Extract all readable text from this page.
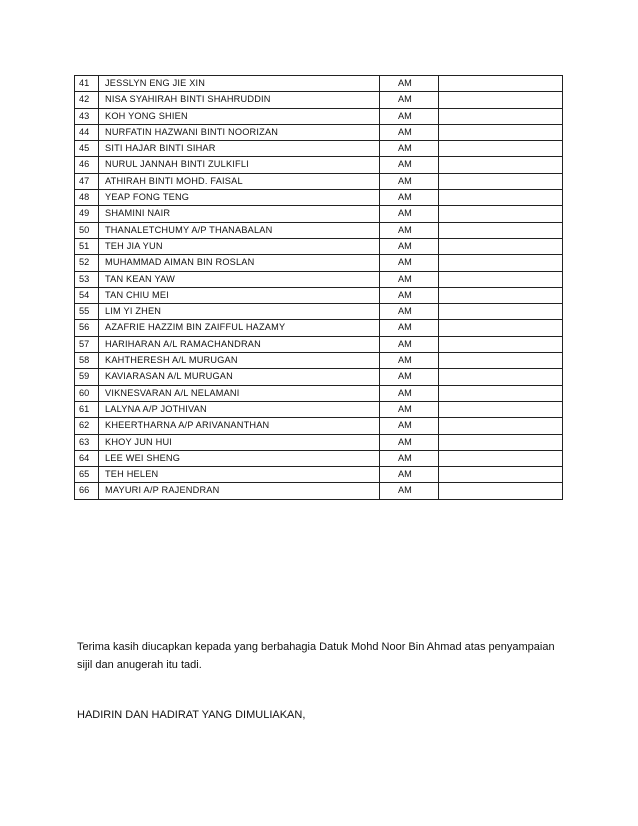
41	JESSLYN ENG JIE XIN	AM	
42	NISA SYAHIRAH BINTI SHAHRUDDIN	AM	
43	KOH YONG SHIEN	AM	
44	NURFATIN HAZWANI BINTI NOORIZAN	AM	
45	SITI HAJAR BINTI SIHAR	AM	
46	NURUL JANNAH BINTI ZULKIFLI	AM	
47	ATHIRAH BINTI MOHD. FAISAL	AM	
48	YEAP FONG TENG	AM	
49	SHAMINI NAIR	AM	
50	THANALETCHUMY A/P THANABALAN	AM	
51	TEH JIA YUN	AM	
52	MUHAMMAD AIMAN BIN ROSLAN	AM	
53	TAN KEAN YAW	AM	
54	TAN CHIU MEI	AM	
55	LIM YI ZHEN	AM	
56	AZAFRIE HAZZIM BIN ZAIFFUL HAZAMY	AM	
57	HARIHARAN A/L RAMACHANDRAN	AM	
58	KAHTHERESH A/L MURUGAN	AM	
59	KAVIARASAN A/L MURUGAN	AM	
60	VIKNESVARAN A/L NELAMANI	AM	
61	LALYNA A/P JOTHIVAN	AM	
62	KHEERTHARNA A/P ARIVANANTHAN	AM	
63	KHOY JUN HUI	AM	
64	LEE WEI SHENG	AM	
65	TEH HELEN	AM	
66	MAYURI A/P RAJENDRAN	AM	
Terima kasih diucapkan kepada yang berbahagia Datuk Mohd Noor Bin Ahmad atas penyampaian sijil dan anugerah itu tadi.
HADIRIN DAN HADIRAT YANG DIMULIAKAN,
